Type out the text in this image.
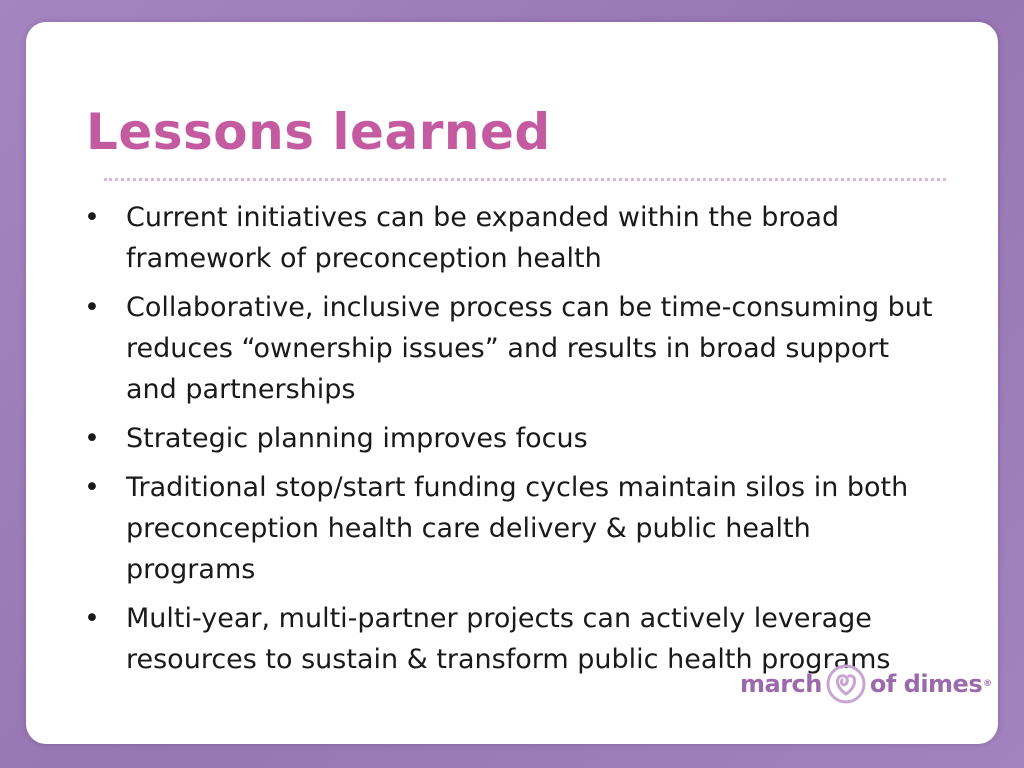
Lessons learned
• Current initiatives can be expanded within the broad framework of preconception health
• Collaborative, inclusive process can be time-consuming but reduces “ownership issues” and results in broad support and partnerships
• Strategic planning improves focus
• Traditional stop/start funding cycles maintain silos in both preconception health care delivery & public health programs
• Multi-year, multi-partner projects can actively leverage resources to sustain & transform public health programs
march of dimes ®
